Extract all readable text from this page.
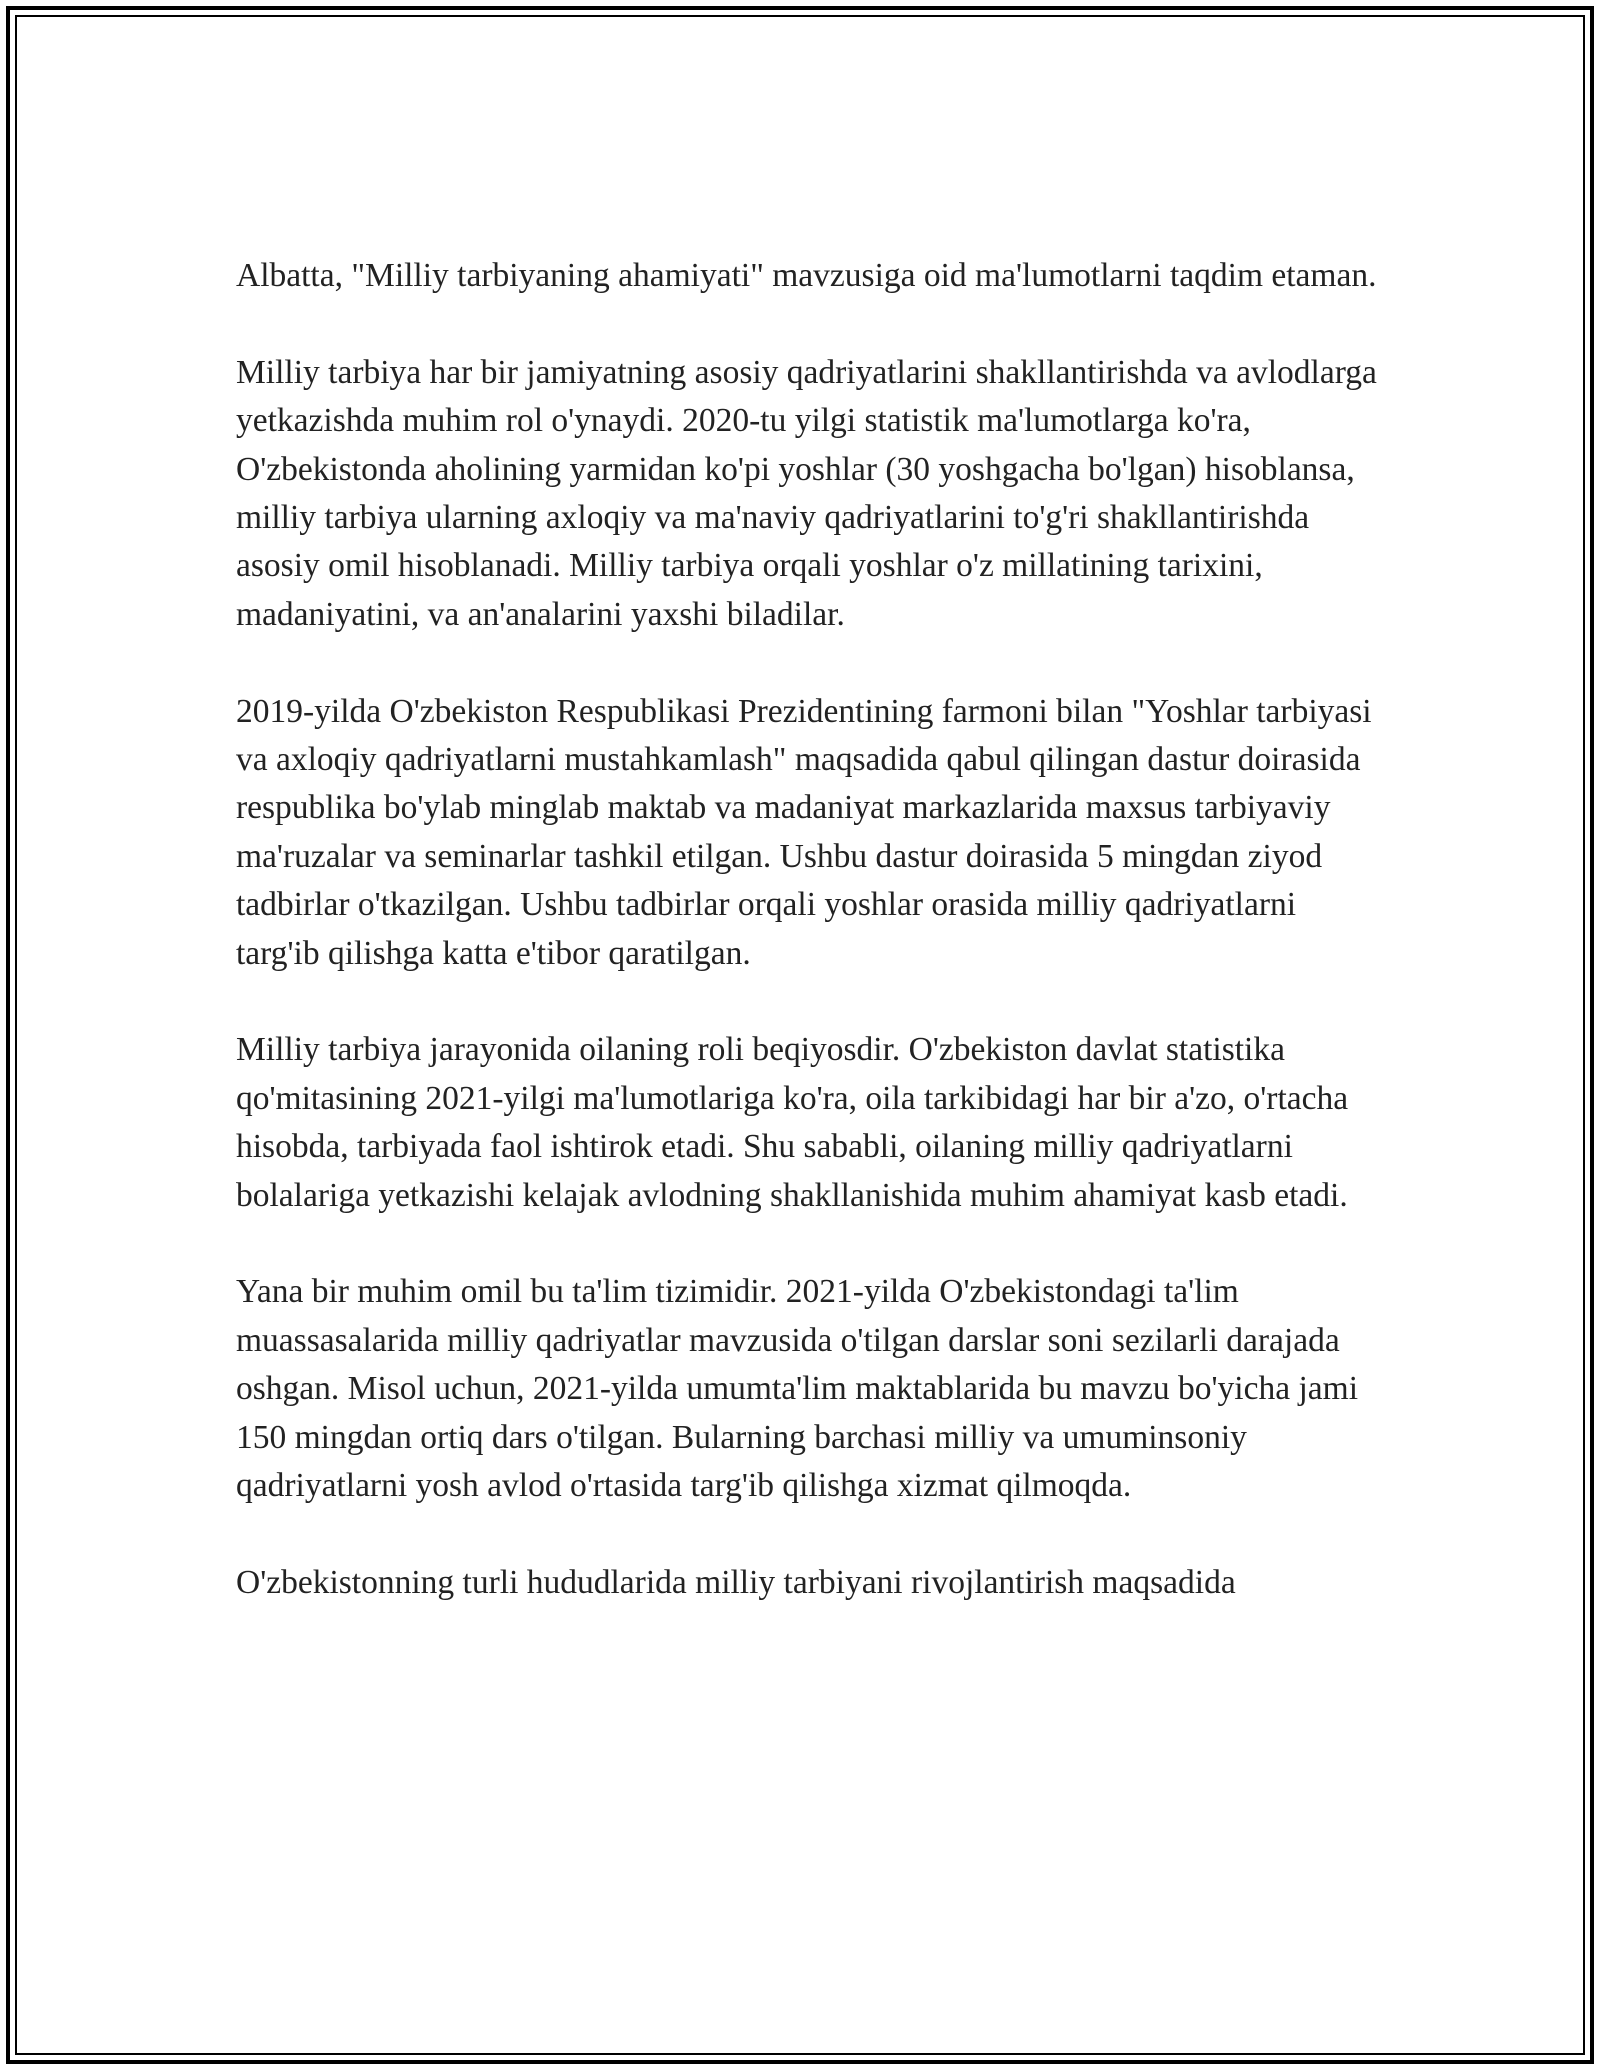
Albatta, "Milliy tarbiyaning ahamiyati" mavzusiga oid ma'lumotlarni taqdim etaman.

Milliy tarbiya har bir jamiyatning asosiy qadriyatlarini shakllantirishda va avlodlarga yetkazishda muhim rol o'ynaydi. 2020-tu yilgi statistik ma'lumotlarga ko'ra, O'zbekistonda aholining yarmidan ko'pi yoshlar (30 yoshgacha bo'lgan) hisoblansa, milliy tarbiya ularning axloqiy va ma'naviy qadriyatlarini to'g'ri shakllantirishda asosiy omil hisoblanadi. Milliy tarbiya orqali yoshlar o'z millatining tarixini, madaniyatini, va an'analarini yaxshi biladilar.

2019-yilda O'zbekiston Respublikasi Prezidentining farmoni bilan "Yoshlar tarbiyasi va axloqiy qadriyatlarni mustahkamlash" maqsadida qabul qilingan dastur doirasida respublika bo'ylab minglab maktab va madaniyat markazlarida maxsus tarbiyaviy ma'ruzalar va seminarlar tashkil etilgan. Ushbu dastur doirasida 5 mingdan ziyod tadbirlar o'tkazilgan. Ushbu tadbirlar orqali yoshlar orasida milliy qadriyatlarni targ'ib qilishga katta e'tibor qaratilgan.

Milliy tarbiya jarayonida oilaning roli beqiyosdir. O'zbekiston davlat statistika qo'mitasining 2021-yilgi ma'lumotlariga ko'ra, oila tarkibidagi har bir a'zo, o'rtacha hisobda, tarbiyada faol ishtirok etadi. Shu sababli, oilaning milliy qadriyatlarni bolalariga yetkazishi kelajak avlodning shakllanishida muhim ahamiyat kasb etadi.

Yana bir muhim omil bu ta'lim tizimidir. 2021-yilda O'zbekistondagi ta'lim muassasalarida milliy qadriyatlar mavzusida o'tilgan darslar soni sezilarli darajada oshgan. Misol uchun, 2021-yilda umumta'lim maktablarida bu mavzu bo'yicha jami 150 mingdan ortiq dars o'tilgan. Bularning barchasi milliy va umuminsoniy qadriyatlarni yosh avlod o'rtasida targ'ib qilishga xizmat qilmoqda.

O'zbekistonning turli hududlarida milliy tarbiyani rivojlantirish maqsadida
